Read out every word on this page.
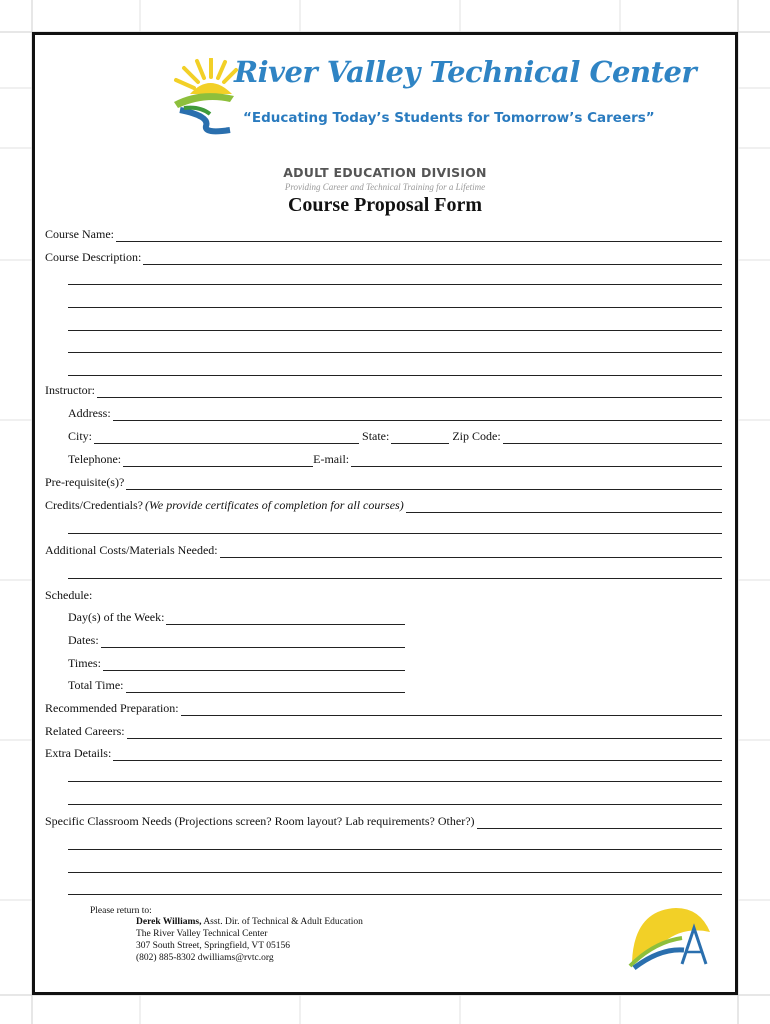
River Valley Technical Center
“Educating Today’s Students for Tomorrow’s Careers”
ADULT EDUCATION DIVISION
Providing Career and Technical Training for a Lifetime
Course Proposal Form
Course Name:
Course Description:
Instructor:
Address:
City:	State:	Zip Code:
Telephone:	E-mail:
Pre-requisite(s)?
Credits/Credentials? (We provide certificates of completion for all courses)
Additional Costs/Materials Needed:
Schedule:
Day(s) of the Week:
Dates:
Times:
Total Time:
Recommended Preparation:
Related Careers:
Extra Details:
Specific Classroom Needs (Projections screen? Room layout? Lab requirements? Other?)
Please return to:
Derek Williams, Asst. Dir. of Technical & Adult Education
The River Valley Technical Center
307 South Street, Springfield, VT 05156
(802) 885-8302 dwilliams@rvtc.org
